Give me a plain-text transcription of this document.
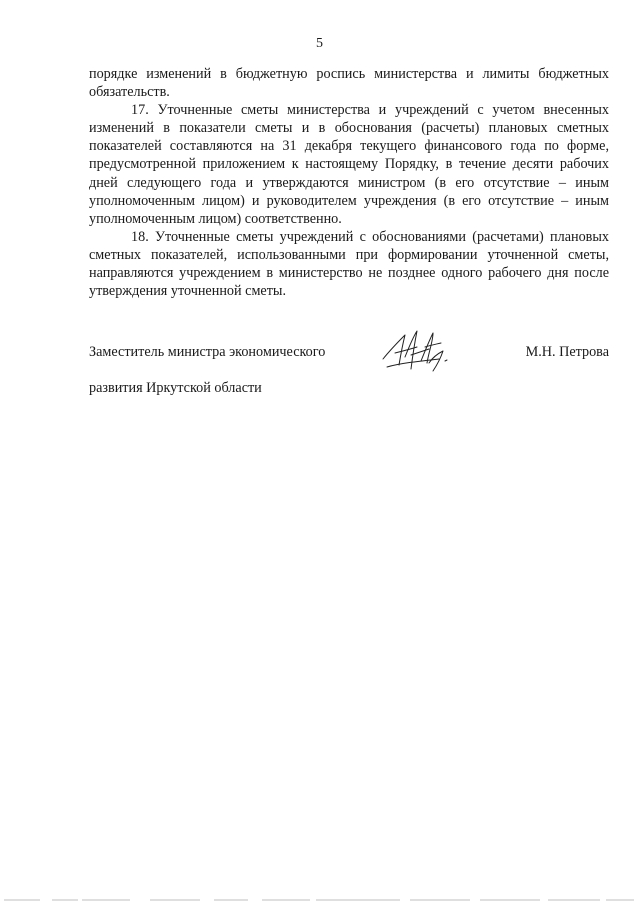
5

порядке изменений в бюджетную роспись министерства и лимиты бюджетных обязательств.

17. Уточненные сметы министерства и учреждений с учетом внесенных изменений в показатели сметы и в обоснования (расчеты) плановых сметных показателей составляются на 31 декабря текущего финансового года по форме, предусмотренной приложением к настоящему Порядку, в течение десяти рабочих дней следующего года и утверждаются министром (в его отсутствие – иным уполномоченным лицом) и руководителем учреждения (в его отсутствие – иным уполномоченным лицом) соответственно.

18. Уточненные сметы учреждений с обоснованиями (расчетами) плановых сметных показателей, использованными при формировании уточненной сметы, направляются учреждением в министерство не позднее одного рабочего дня после утверждения уточненной сметы.

Заместитель министра экономического

развития Иркутской области

М.Н. Петрова
